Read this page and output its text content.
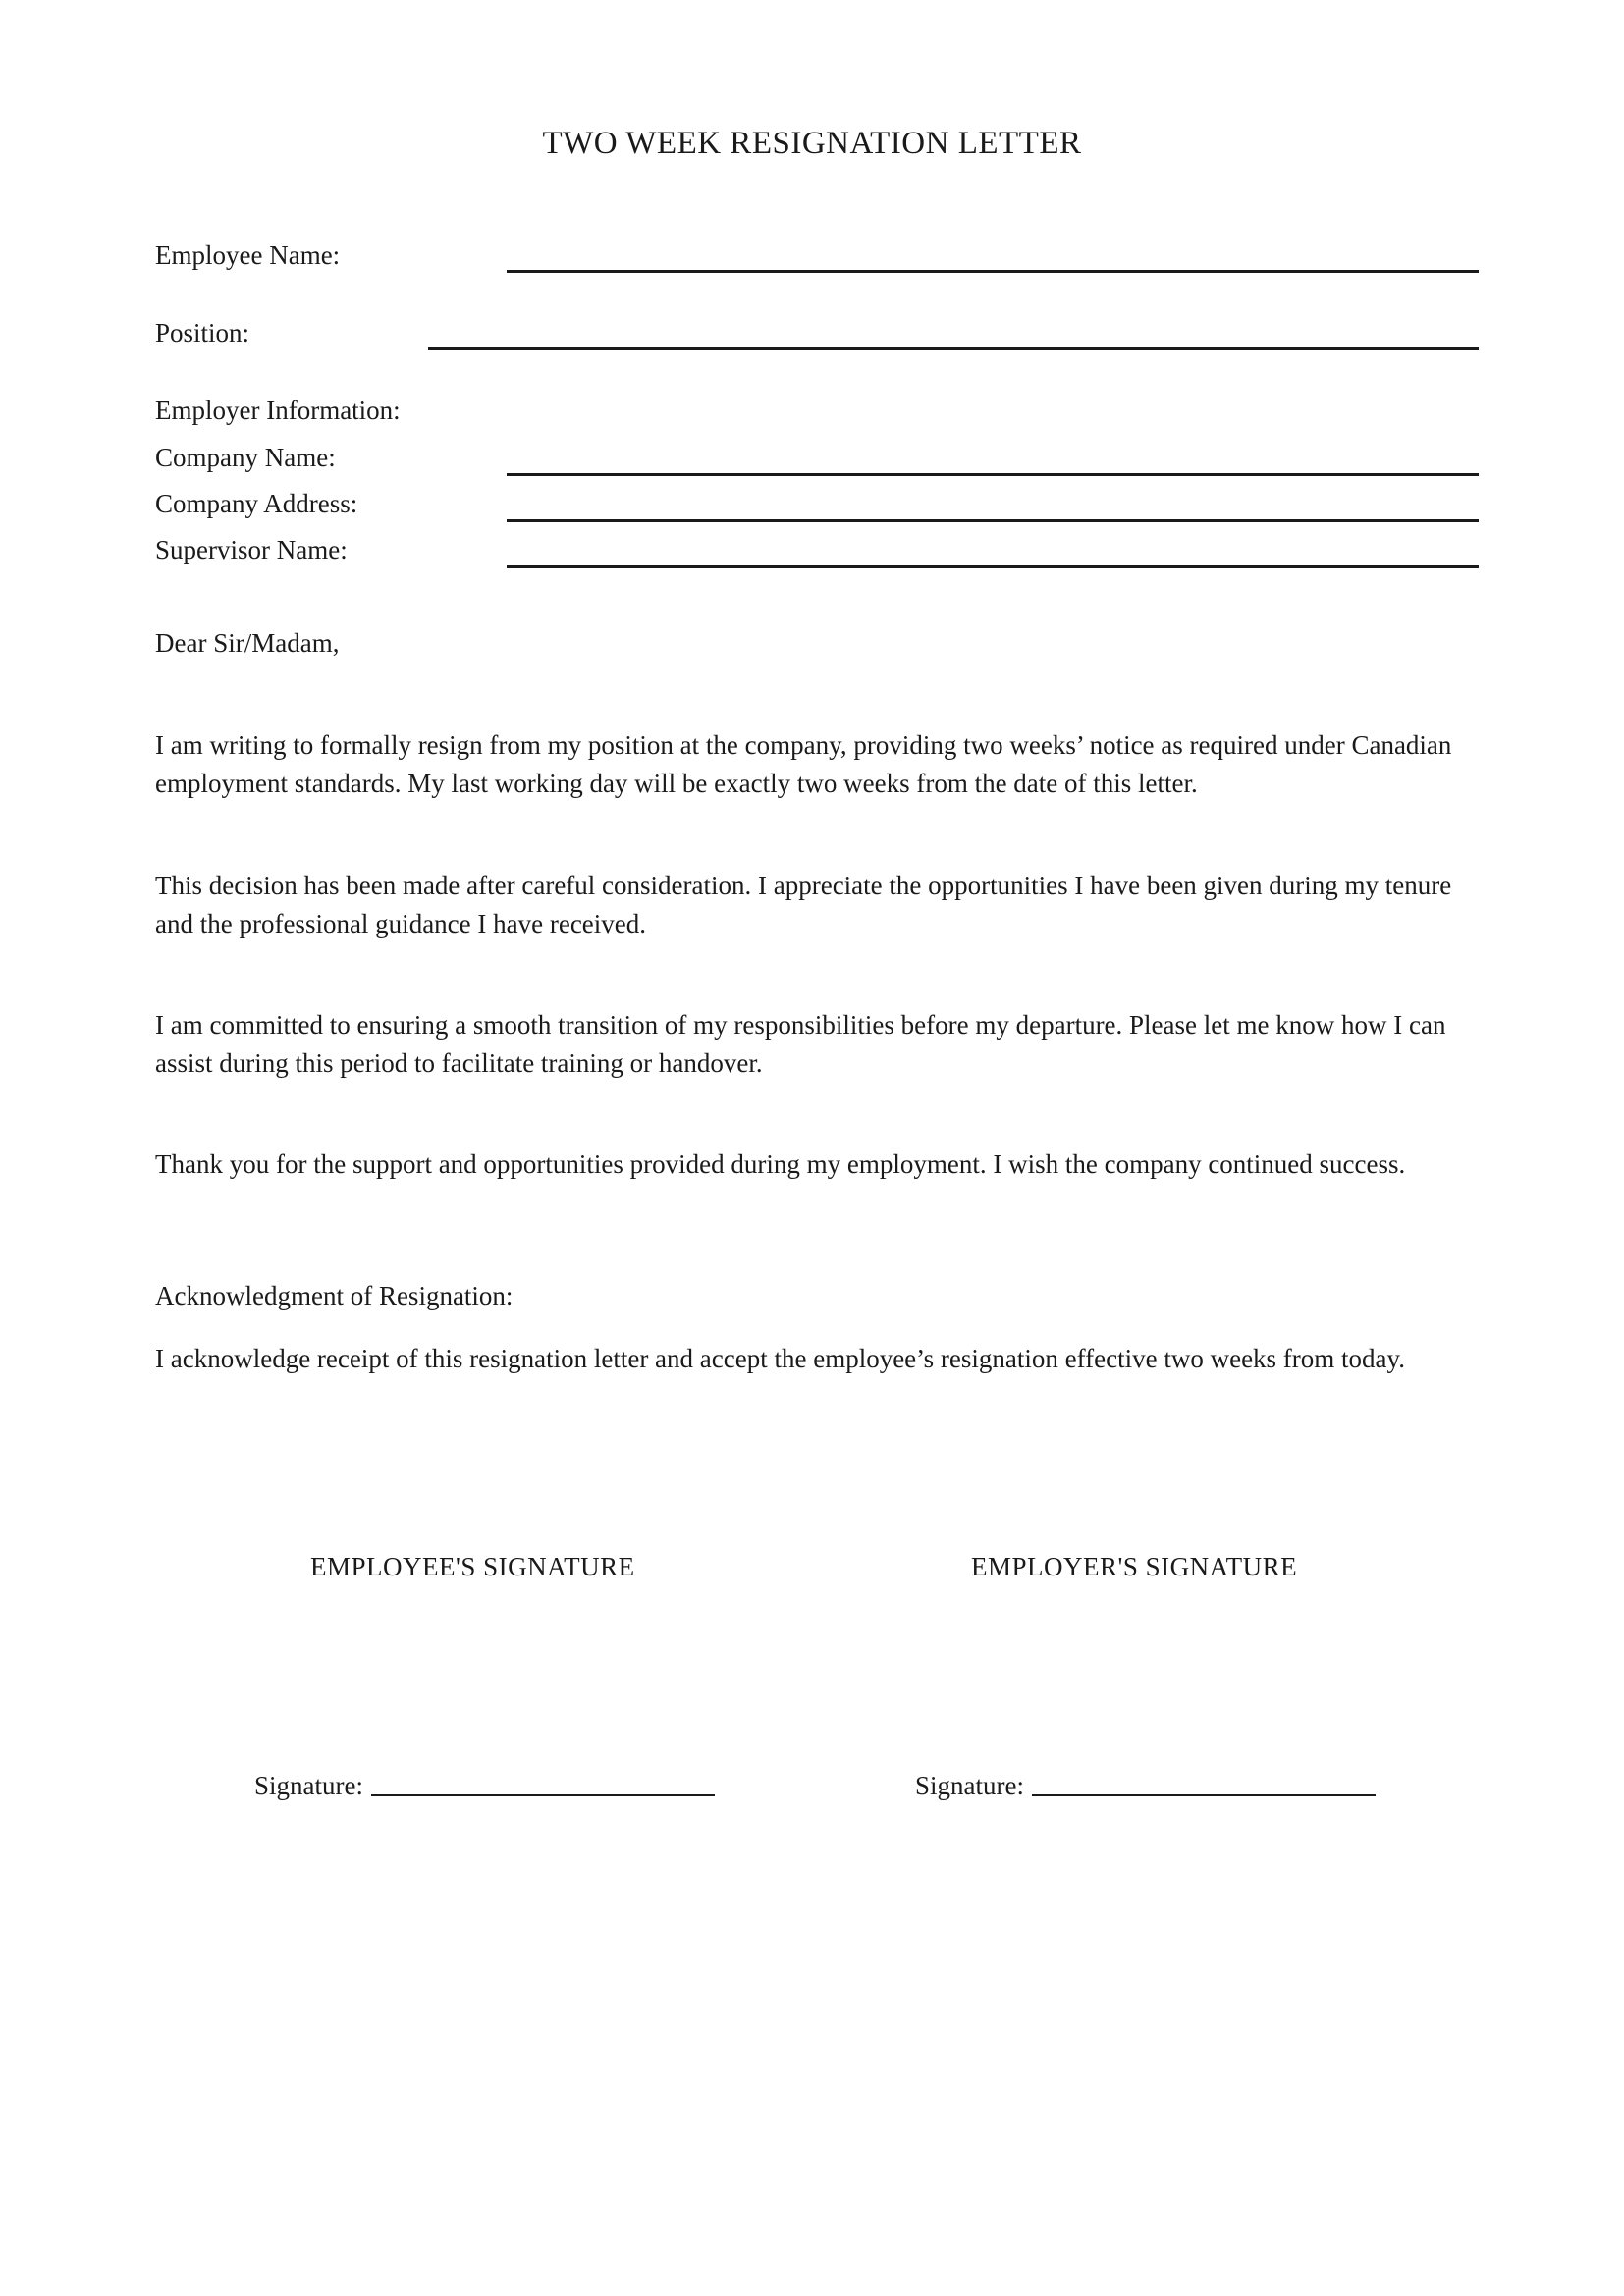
TWO WEEK RESIGNATION LETTER
Employee Name:
Position:
Employer Information:
Company Name:
Company Address:
Supervisor Name:
Dear Sir/Madam,

I am writing to formally resign from my position at the company, providing two weeks’ notice as required under Canadian employment standards. My last working day will be exactly two weeks from the date of this letter.

This decision has been made after careful consideration. I appreciate the opportunities I have been given during my tenure and the professional guidance I have received.

I am committed to ensuring a smooth transition of my responsibilities before my departure. Please let me know how I can assist during this period to facilitate training or handover.

Thank you for the support and opportunities provided during my employment. I wish the company continued success.

Acknowledgment of Resignation:

I acknowledge receipt of this resignation letter and accept the employee’s resignation effective two weeks from today.

EMPLOYEE'S SIGNATURE	EMPLOYER'S SIGNATURE
Signature:	Signature:
